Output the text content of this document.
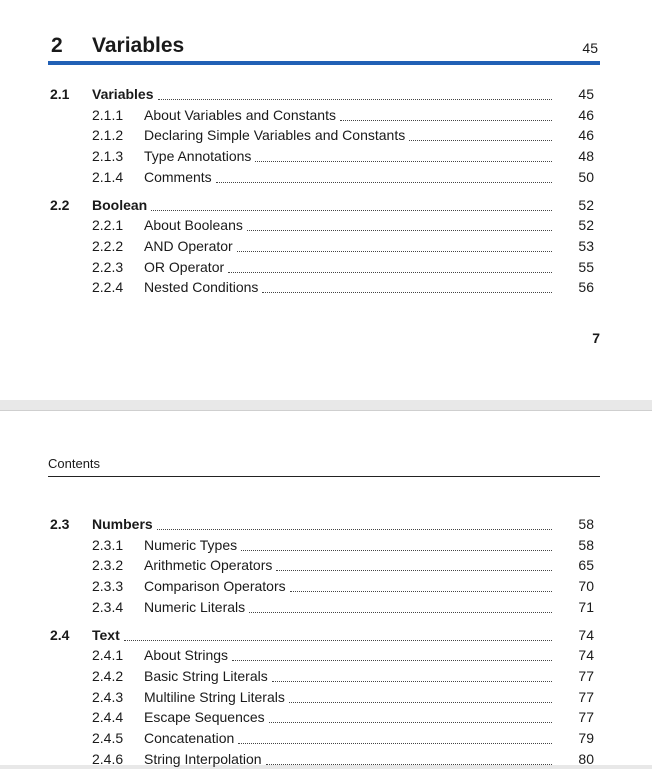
2 Variables	45
2.1 Variables	45
2.1.1 About Variables and Constants	46
2.1.2 Declaring Simple Variables and Constants	46
2.1.3 Type Annotations	48
2.1.4 Comments	50
2.2 Boolean	52
2.2.1 About Booleans	52
2.2.2 AND Operator	53
2.2.3 OR Operator	55
2.2.4 Nested Conditions	56
7
Contents
2.3 Numbers	58
2.3.1 Numeric Types	58
2.3.2 Arithmetic Operators	65
2.3.3 Comparison Operators	70
2.3.4 Numeric Literals	71
2.4 Text	74
2.4.1 About Strings	74
2.4.2 Basic String Literals	77
2.4.3 Multiline String Literals	77
2.4.4 Escape Sequences	77
2.4.5 Concatenation	79
2.4.6 String Interpolation	80
